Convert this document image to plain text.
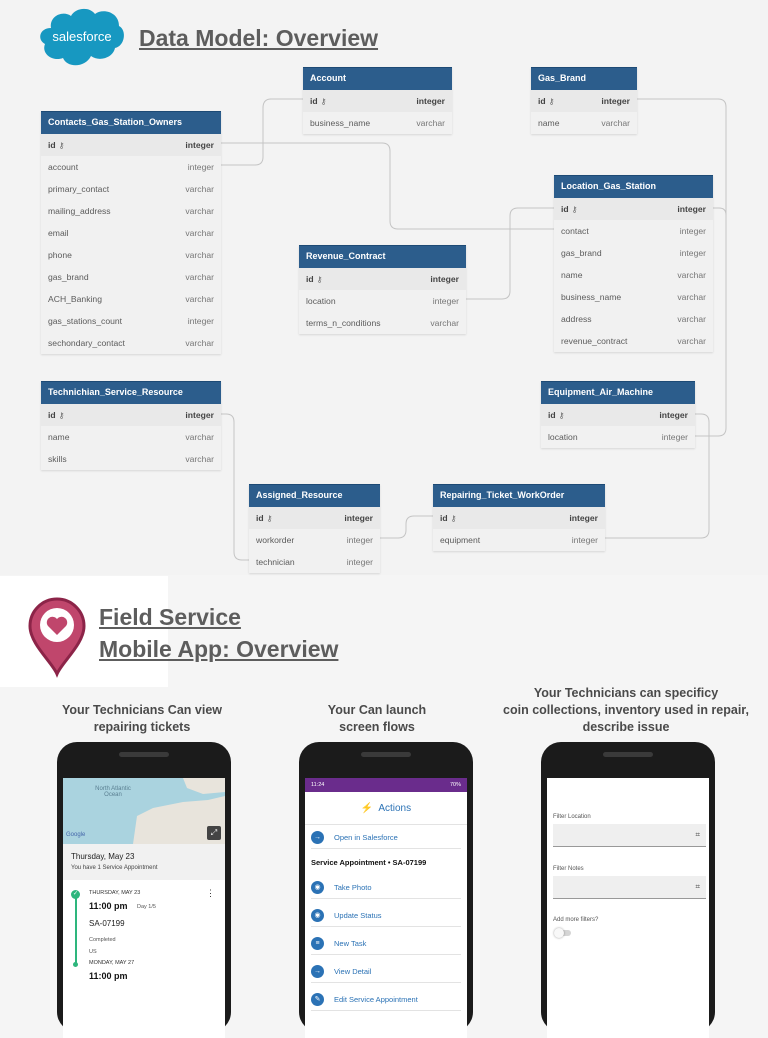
salesforce Data Model: Overview
Account
id ⚷	integer
business_name	varchar
Gas_Brand
id ⚷	integer
name	varchar
Contacts_Gas_Station_Owners
id ⚷	integer
account	integer
primary_contact	varchar
mailing_address	varchar
email	varchar
phone	varchar
gas_brand	varchar
ACH_Banking	varchar
gas_stations_count	integer
sechondary_contact	varchar
Location_Gas_Station
id ⚷	integer
contact	integer
gas_brand	integer
name	varchar
business_name	varchar
address	varchar
revenue_contract	varchar
Revenue_Contract
id ⚷	integer
location	integer
terms_n_conditions	varchar
Technichian_Service_Resource
id ⚷	integer
name	varchar
skills	varchar
Equipment_Air_Machine
id ⚷	integer
location	integer
Assigned_Resource
id ⚷	integer
workorder	integer
technician	integer
Repairing_Ticket_WorkOrder
id ⚷	integer
equipment	integer
Field Service
Mobile App: Overview
Your Technicians Can view
repairing tickets
Your Can launch
screen flows
Your Technicians can specificy
coin collections, inventory used in repair,
describe issue
North Atlantic Ocean
Google	⤢
Thursday, May 23
You have 1 Service Appointment
✓	⋮
THURSDAY, MAY 23
11:00 pm Day 1/5
SA-07199
Completed
US
MONDAY, MAY 27
11:00 pm
11:24	70%
⚡ Actions
→	Open in Salesforce
Service Appointment • SA-07199
◉	Take Photo
◉	Update Status
≡	New Task
→	View Detail
✎	Edit Service Appointment
Filter Location
⌗
Filter Notes
⌗
Add more filters?
